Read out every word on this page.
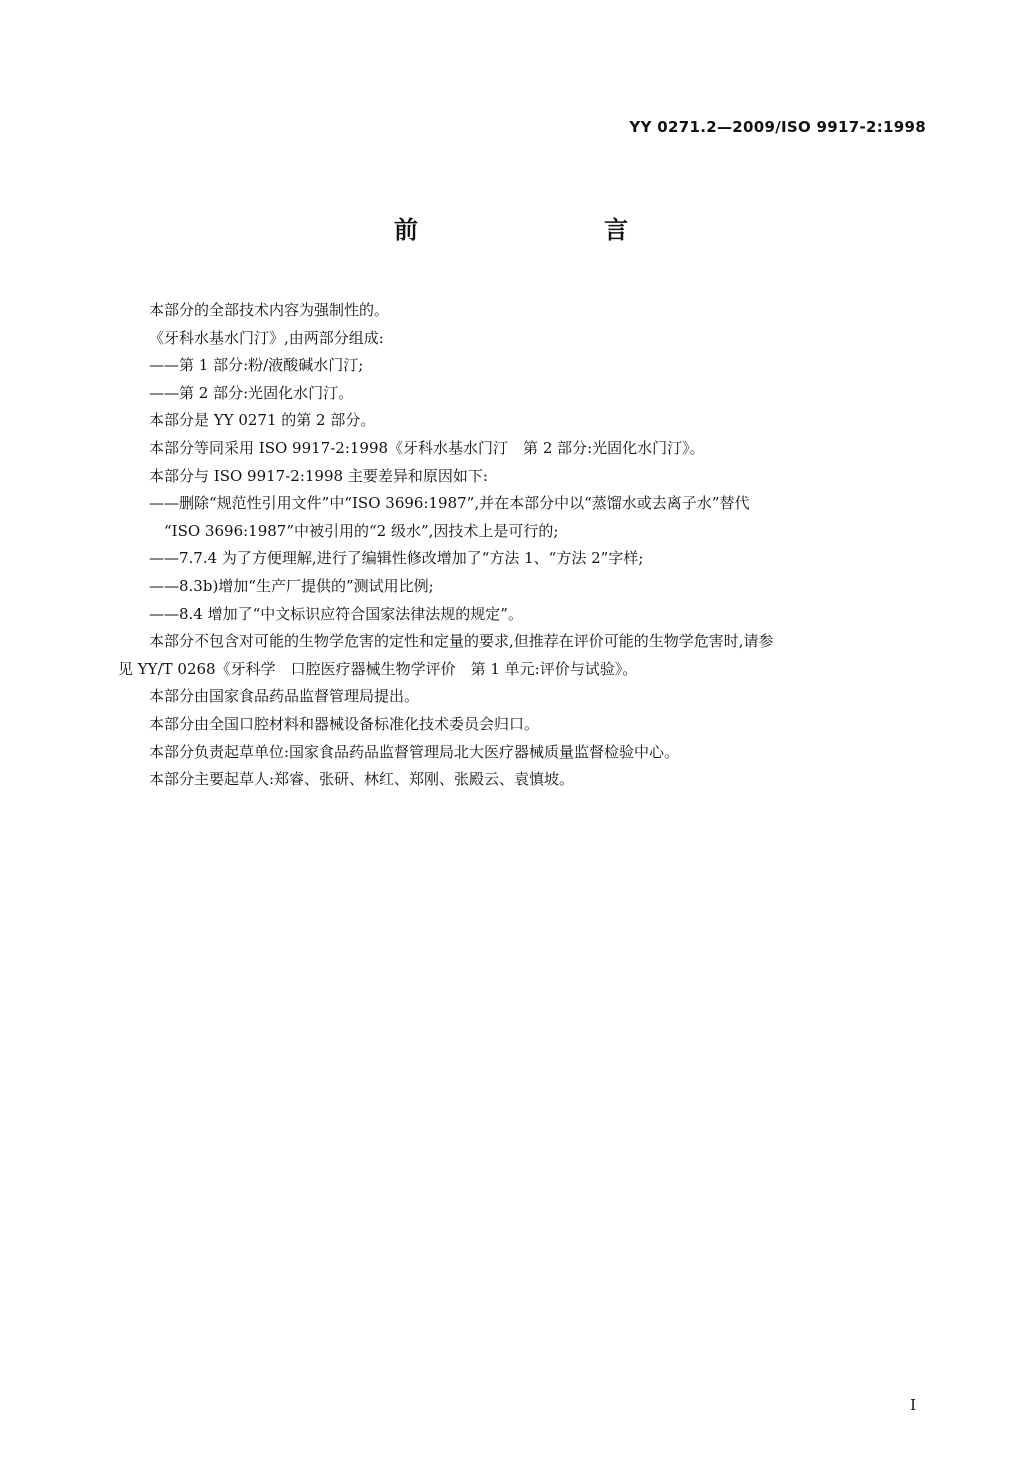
YY 0271.2—2009/ISO 9917-2:1998
前　　言

本部分的全部技术内容为强制性的。

《牙科水基水门汀》,由两部分组成:

——第 1 部分:粉/液酸碱水门汀;

——第 2 部分:光固化水门汀。

本部分是 YY 0271 的第 2 部分。

本部分等同采用 ISO 9917-2:1998《牙科水基水门汀　第 2 部分:光固化水门汀》。

本部分与 ISO 9917-2:1998 主要差异和原因如下:

——删除“规范性引用文件”中“ISO 3696:1987”,并在本部分中以“蒸馏水或去离子水”替代

“ISO 3696:1987”中被引用的“2 级水”,因技术上是可行的;

——7.7.4 为了方便理解,进行了编辑性修改增加了“方法 1、“方法 2”字样;

——8.3b)增加“生产厂提供的”测试用比例;

——8.4 增加了“中文标识应符合国家法律法规的规定”。

本部分不包含对可能的生物学危害的定性和定量的要求,但推荐在评价可能的生物学危害时,请参

见 YY/T 0268《牙科学　口腔医疗器械生物学评价　第 1 单元:评价与试验》。

本部分由国家食品药品监督管理局提出。

本部分由全国口腔材料和器械设备标准化技术委员会归口。

本部分负责起草单位:国家食品药品监督管理局北大医疗器械质量监督检验中心。

本部分主要起草人:郑睿、张研、林红、郑刚、张殿云、袁慎坡。

I
